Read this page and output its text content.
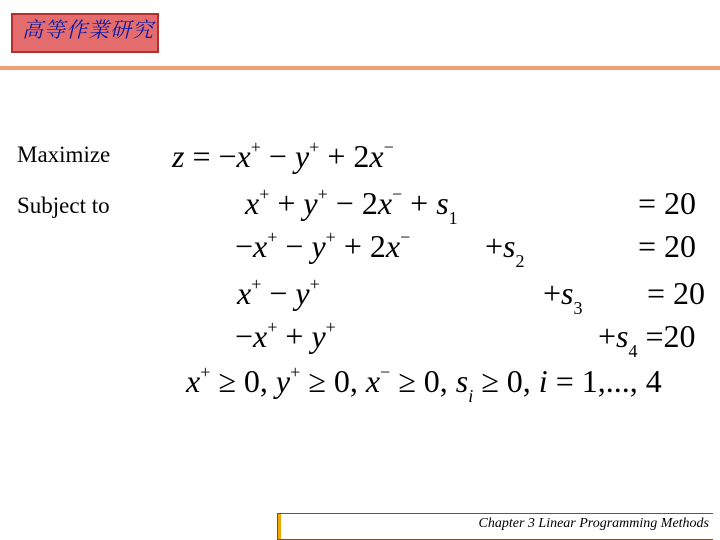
高等作業研究
Maximize
Subject to
z = −x+ − y+ + 2x−
$x^+ + y^+ - 2x^- + s_1$	= 20
$-x^+ - y^+ + 2x^- +s_2$	= 20
x+ − y+	$+s_3 = 20$
−x+ + y+	$+s_4 =20$
x+ ≥ 0, y+ ≥ 0, x− ≥ 0, $s_i \ge 0$, i = 1,..., 4
Chapter 3 Linear Programming Methods
